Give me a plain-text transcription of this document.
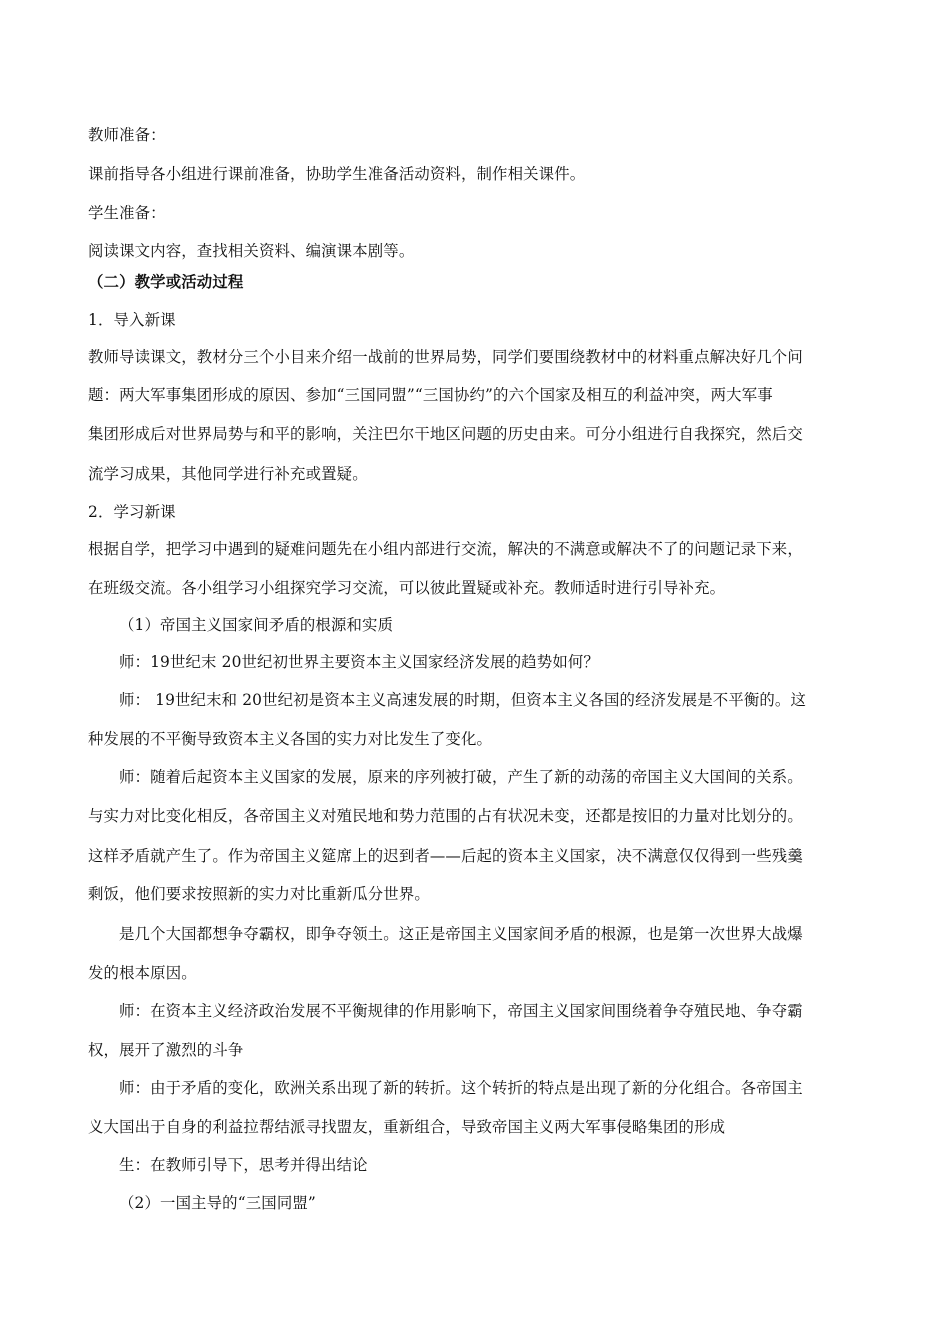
教师准备：
课前指导各小组进行课前准备，协助学生准备活动资料，制作相关课件。
学生准备：
阅读课文内容，查找相关资料、编演课本剧等。
（二）教学或活动过程
1．导入新课
教师导读课文，教材分三个小目来介绍一战前的世界局势，同学们要围绕教材中的材料重点解决好几个问
题：两大军事集团形成的原因、参加“三国同盟”“三国协约”的六个国家及相互的利益冲突，两大军事
集团形成后对世界局势与和平的影响，关注巴尔干地区问题的历史由来。可分小组进行自我探究，然后交
流学习成果，其他同学进行补充或置疑。
2．学习新课
根据自学，把学习中遇到的疑难问题先在小组内部进行交流，解决的不满意或解决不了的问题记录下来，
在班级交流。各小组学习小组探究学习交流，可以彼此置疑或补充。教师适时进行引导补充。
（1）帝国主义国家间矛盾的根源和实质
师：19世纪末 20世纪初世界主要资本主义国家经济发展的趋势如何？
师： 19世纪末和 20世纪初是资本主义高速发展的时期，但资本主义各国的经济发展是不平衡的。这
种发展的不平衡导致资本主义各国的实力对比发生了变化。
师：随着后起资本主义国家的发展，原来的序列被打破，产生了新的动荡的帝国主义大国间的关系。
与实力对比变化相反，各帝国主义对殖民地和势力范围的占有状况未变，还都是按旧的力量对比划分的。
这样矛盾就产生了。作为帝国主义筵席上的迟到者——后起的资本主义国家，决不满意仅仅得到一些残羹
剩饭，他们要求按照新的实力对比重新瓜分世界。
是几个大国都想争夺霸权，即争夺领土。这正是帝国主义国家间矛盾的根源，也是第一次世界大战爆
发的根本原因。
师：在资本主义经济政治发展不平衡规律的作用影响下，帝国主义国家间围绕着争夺殖民地、争夺霸
权，展开了激烈的斗争
师：由于矛盾的变化，欧洲关系出现了新的转折。这个转折的特点是出现了新的分化组合。各帝国主
义大国出于自身的利益拉帮结派寻找盟友，重新组合，导致帝国主义两大军事侵略集团的形成
生：在教师引导下，思考并得出结论
（2）一国主导的“三国同盟”
